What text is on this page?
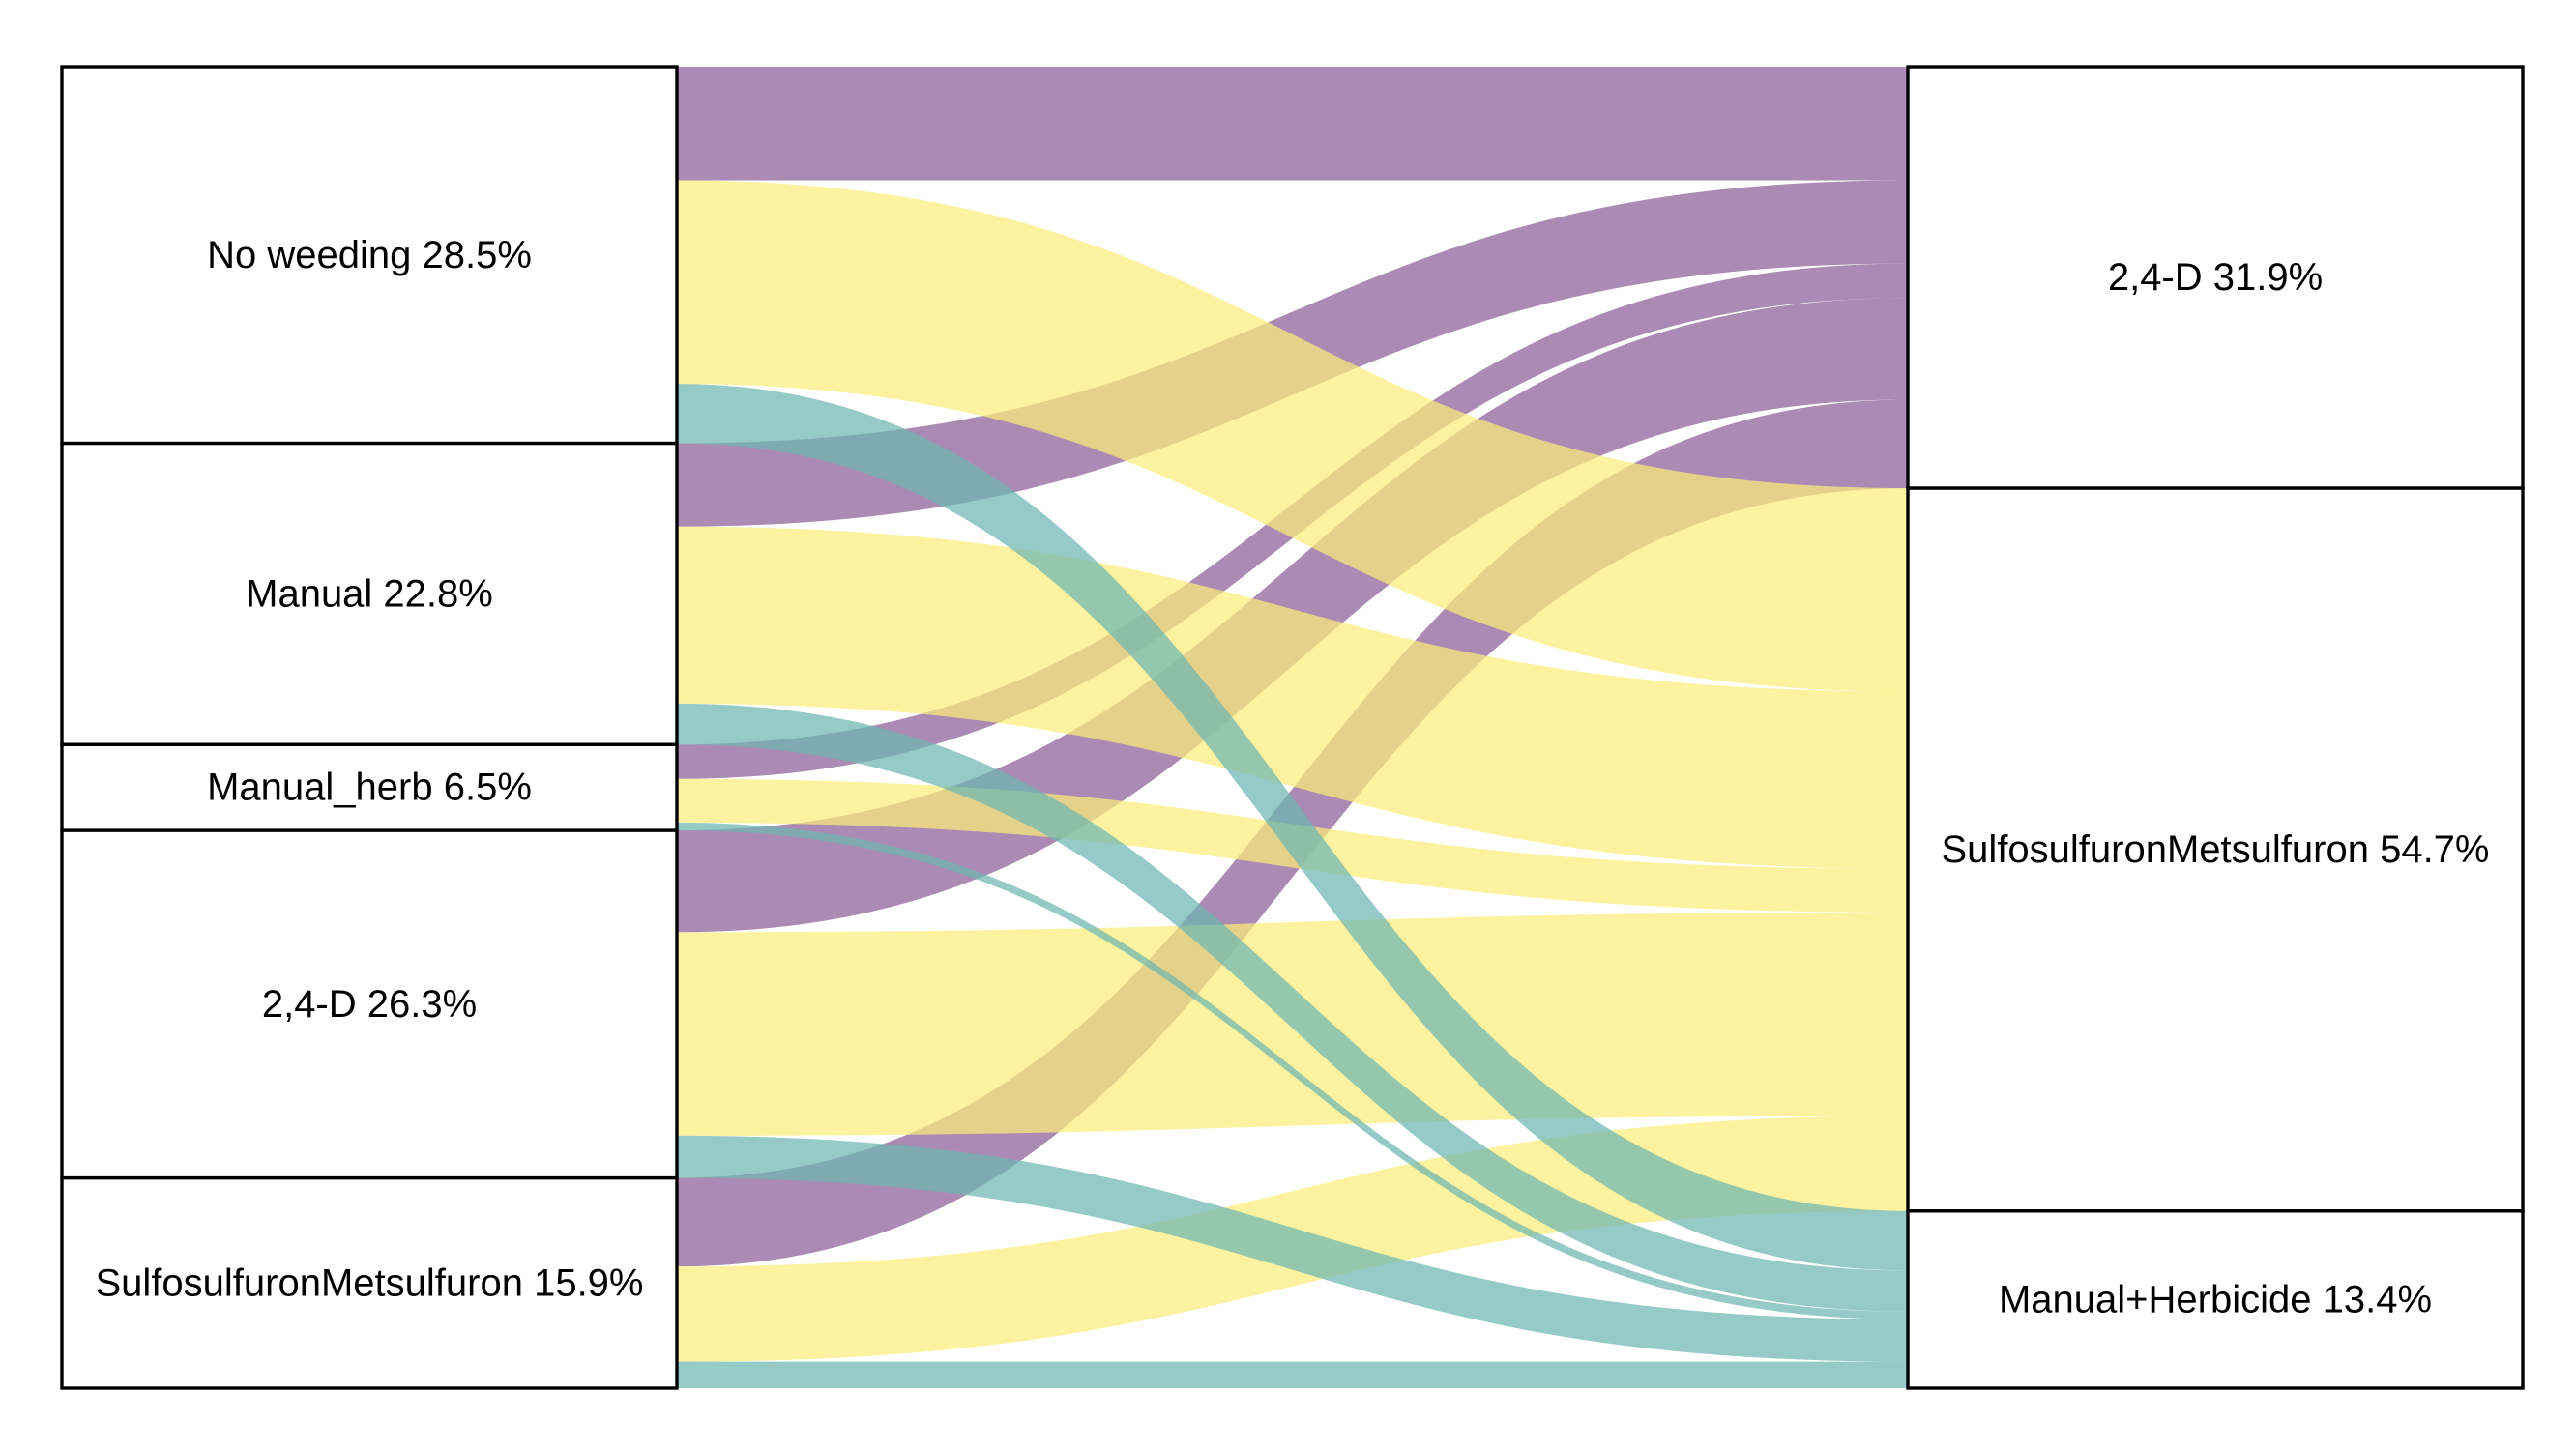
No weeding 28.5%
Manual 22.8%
Manual_herb 6.5%
2,4-D 26.3%
SulfosulfuronMetsulfuron 15.9%
2,4-D 31.9%
SulfosulfuronMetsulfuron 54.7%
Manual+Herbicide 13.4%
